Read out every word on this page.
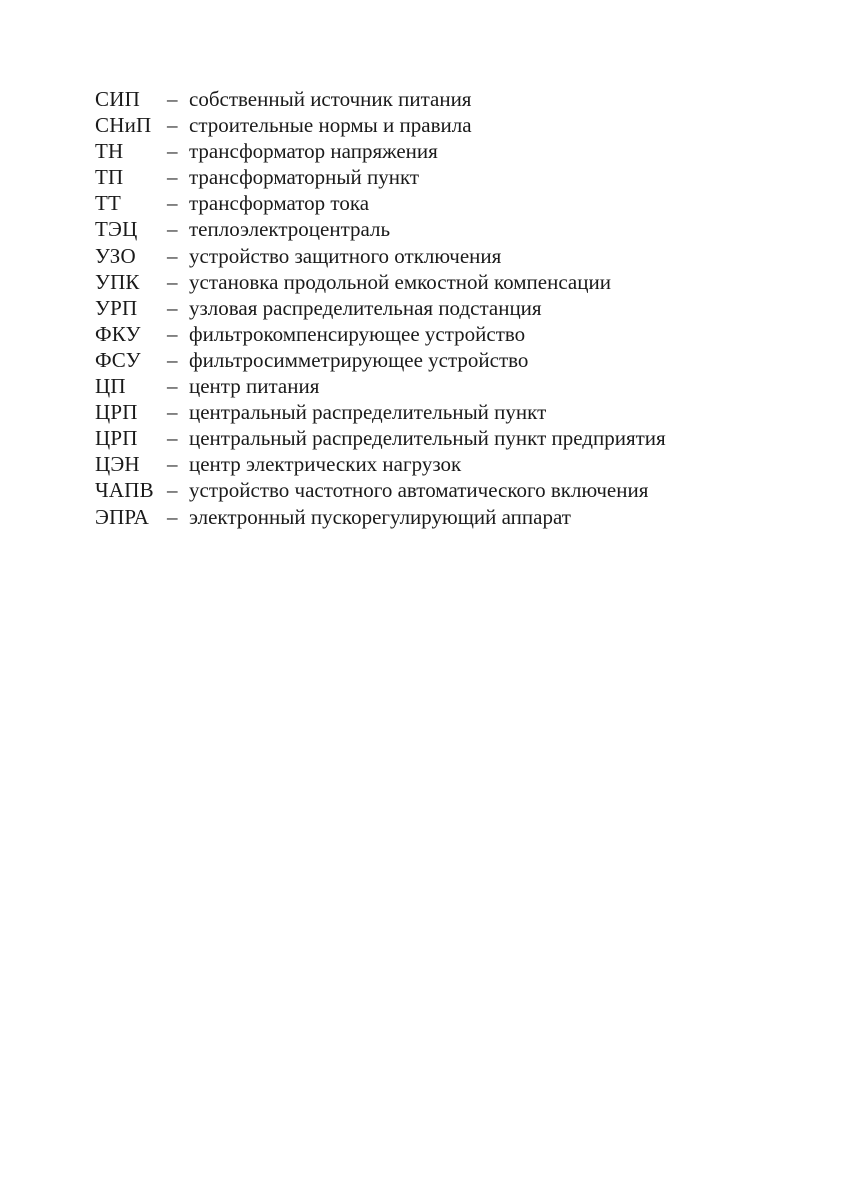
СИП	– собственный источник питания
СНиП – строительные нормы и правила
ТН	– трансформатор напряжения
ТП	– трансформаторный пункт
ТТ	– трансформатор тока
ТЭЦ	– теплоэлектроцентраль
УЗО	– устройство защитного отключения
УПК	– установка продольной емкостной компенсации
УРП	– узловая распределительная подстанция
ФКУ	– фильтрокомпенсирующее устройство
ФСУ	– фильтросимметрирующее устройство
ЦП	– центр питания
ЦРП	– центральный распределительный пункт
ЦРП	– центральный распределительный пункт предприятия
ЦЭН	– центр электрических нагрузок
ЧАПВ – устройство частотного автоматического включения
ЭПРА – электронный пускорегулирующий аппарат
